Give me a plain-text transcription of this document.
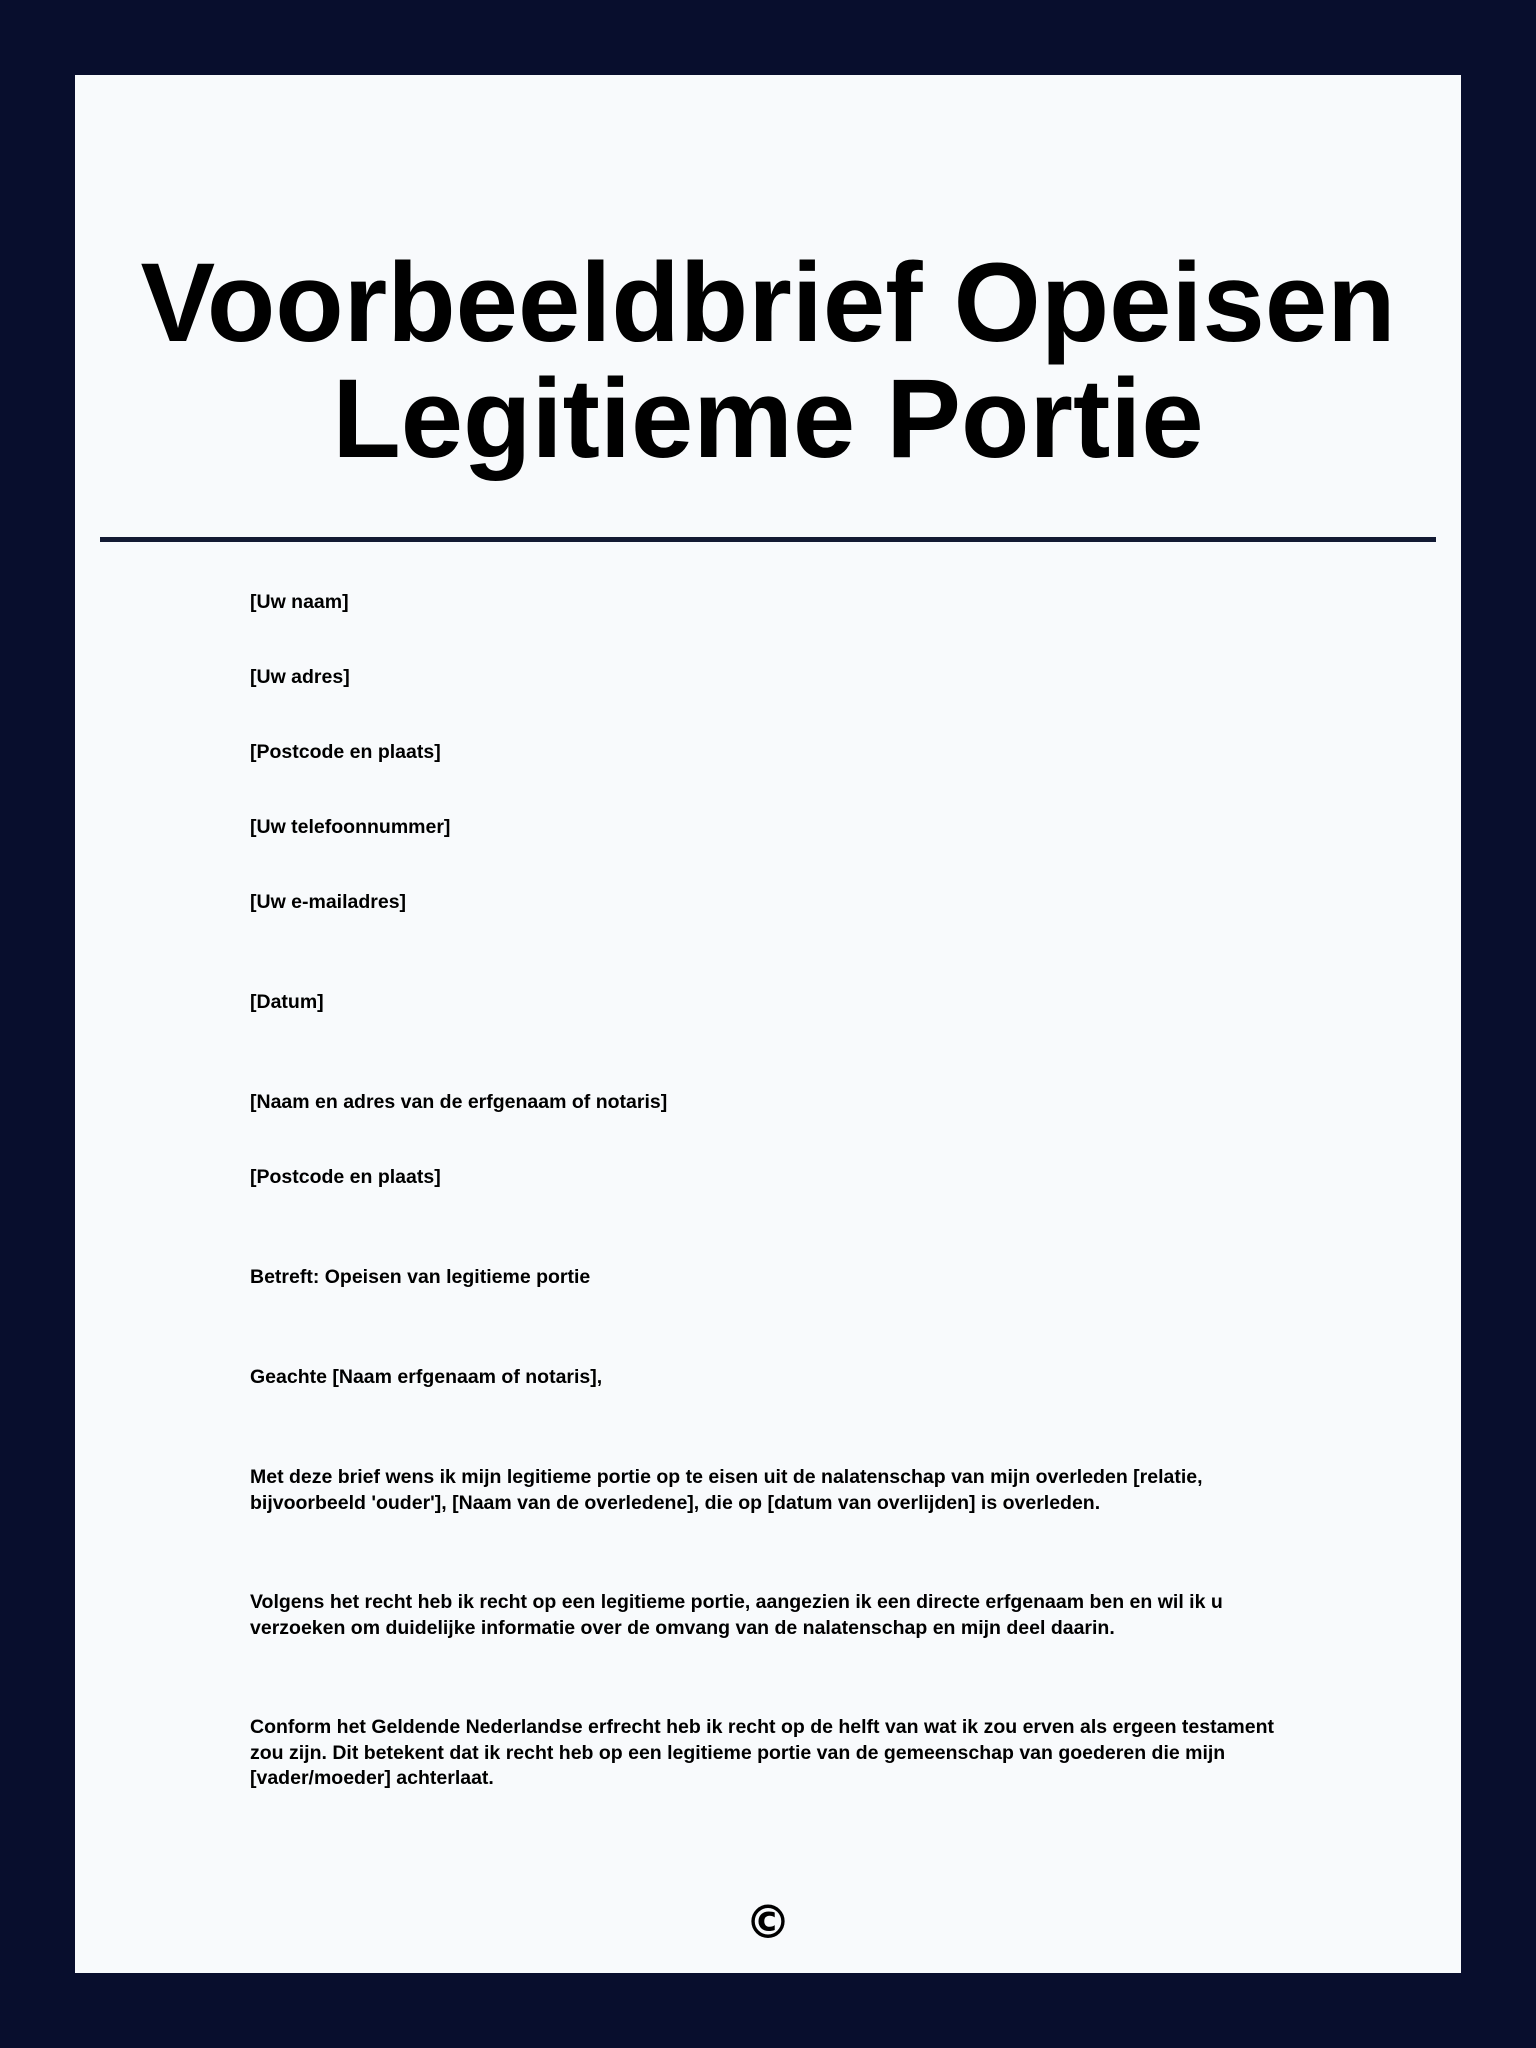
Voorbeeldbrief Opeisen
Legitieme Portie

[Uw naam]

[Uw adres]

[Postcode en plaats]

[Uw telefoonnummer]

[Uw e-mailadres]

[Datum]

[Naam en adres van de erfgenaam of notaris]

[Postcode en plaats]

Betreft: Opeisen van legitieme portie

Geachte [Naam erfgenaam of notaris],

Met deze brief wens ik mijn legitieme portie op te eisen uit de nalatenschap van mijn overleden [relatie, bijvoorbeeld 'ouder'], [Naam van de overledene], die op [datum van overlijden] is overleden.

Volgens het recht heb ik recht op een legitieme portie, aangezien ik een directe erfgenaam ben en wil ik u verzoeken om duidelijke informatie over de omvang van de nalatenschap en mijn deel daarin.

Conform het Geldende Nederlandse erfrecht heb ik recht op de helft van wat ik zou erven als ergeen testament zou zijn. Dit betekent dat ik recht heb op een legitieme portie van de gemeenschap van goederen die mijn [vader/moeder] achterlaat.

©
